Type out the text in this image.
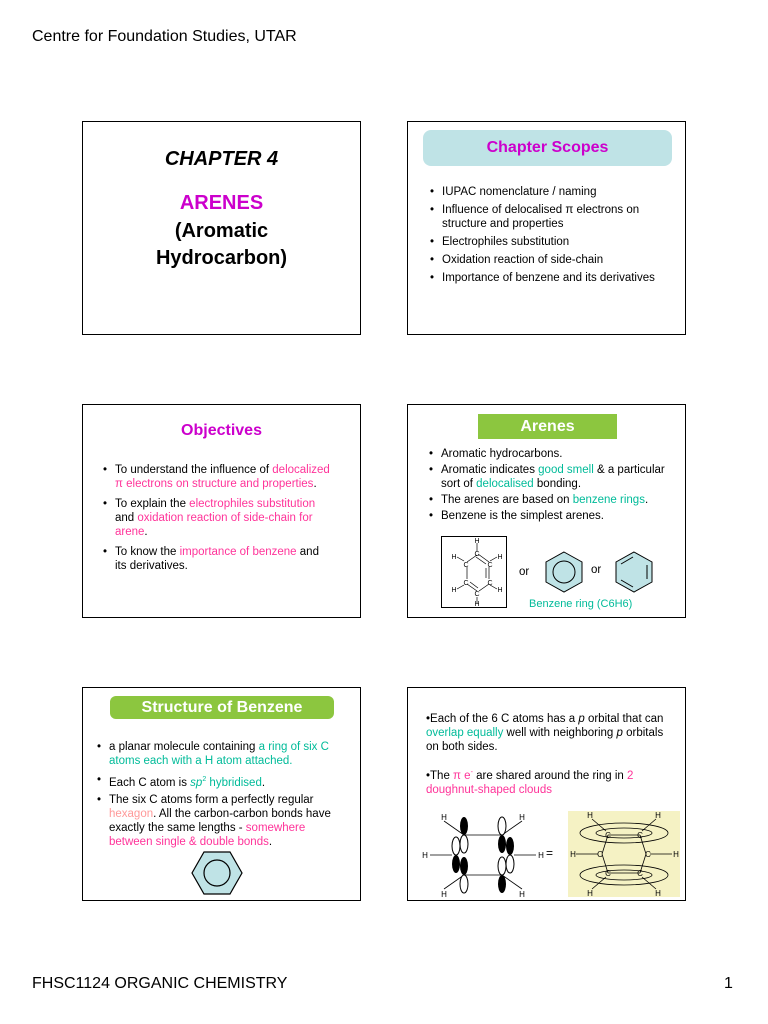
Centre for Foundation Studies, UTAR
CHAPTER 4
ARENES
(Aromatic
Hydrocarbon)
Chapter Scopes
• IUPAC nomenclature / naming
• Influence of delocalised π electrons on structure and properties
• Electrophiles substitution
• Oxidation reaction of side-chain
• Importance of benzene and its derivatives
Objectives
• To understand the influence of delocalized π electrons on structure and properties.
• To explain the electrophiles substitution and oxidation reaction of side-chain for arene.
• To know the importance of benzene and its derivatives.
Arenes
• Aromatic hydrocarbons.
• Aromatic indicates good smell & a particular sort of delocalised bonding.
• The arenes are based on benzene rings.
• Benzene is the simplest arenes.
H
C
H	H
C	C
C	C
H	H
C
H
or	or
Benzene ring (C6H6)
Structure of Benzene
• a planar molecule containing a ring of six C atoms each with a H atom attached.
• Each C atom is $sp^2$ hybridised.
• The six C atoms form a perfectly regular hexagon. All the carbon-carbon bonds have exactly the same lengths - somewhere between single & double bonds.

•Each of the 6 C atoms has a p orbital that can overlap equally well with neighboring p orbitals on both sides.

•The π e- are shared around the ring in 2 doughnut-shaped clouds

H	H
H	H
H	H
=
C	C
C	C
C	C
H	H
H	H
H	H
FHSC1124 ORGANIC CHEMISTRY	1
